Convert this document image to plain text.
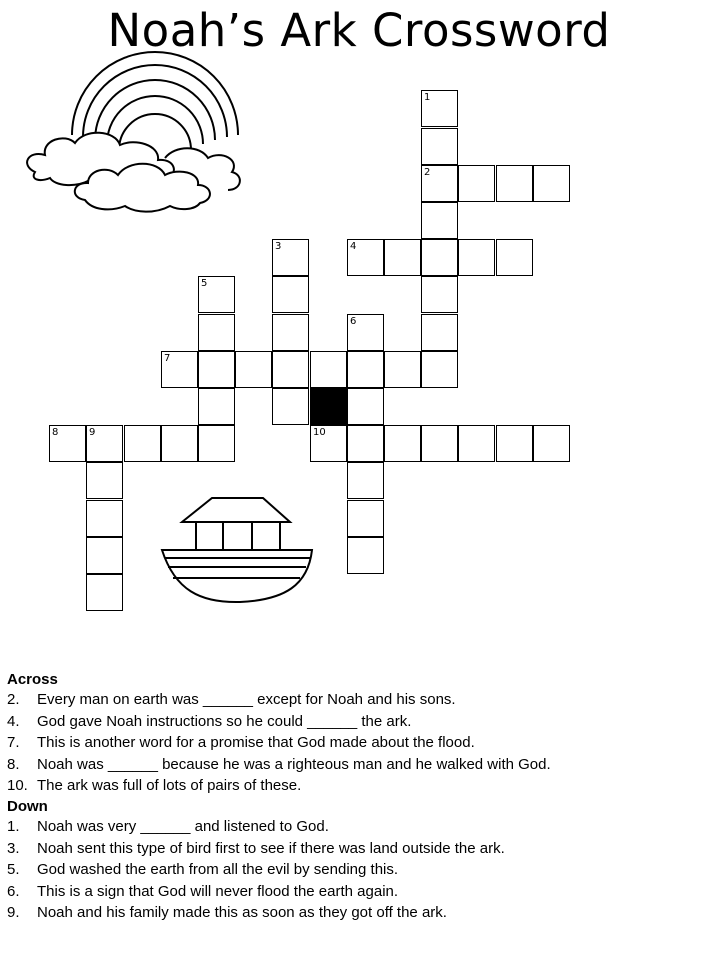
Noah’s Ark Crossword
1
2
3	4
5
6
7
8	9	10
Across
2.	Every man on earth was ______ except for Noah and his sons.
4.	God gave Noah instructions so he could ______ the ark.
7.	This is another word for a promise that God made about the flood.
8.	Noah was ______ because he was a righteous man and he walked with God.
10. The ark was full of lots of pairs of these.
Down
1.	Noah was very ______ and listened to God.
3.	Noah sent this type of bird first to see if there was land outside the ark.
5.	God washed the earth from all the evil by sending this.
6.	This is a sign that God will never flood the earth again.
9.	Noah and his family made this as soon as they got off the ark.
